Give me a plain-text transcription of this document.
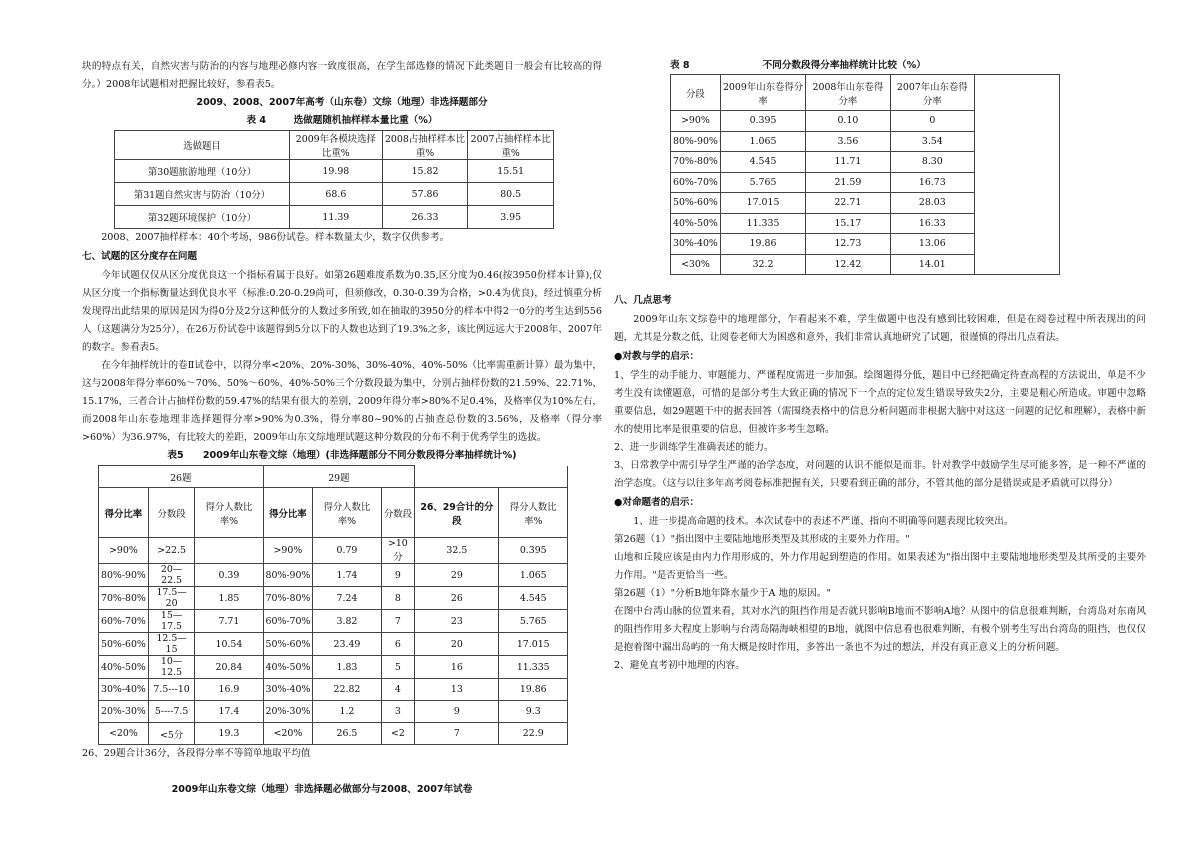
块的特点有关，自然灾害与防治的内容与地理必修内容一致度很高，在学生部选修的情况下此类题目一般会有比较高的得分。）2008年试题相对把握比较好，参看表5。

2009、2008、2007年高考（山东卷）文综（地理）非选择题部分
表 4	选做题随机抽样样本量比重（%）
选做题目	2009年各模块选择比重%	2008占抽样样本比重%	2007占抽样样本比重%
第30题旅游地理（10分）	19.98	15.82	15.51
第31题自然灾害与防治（10分）	68.6	57.86	80.5
第32题环境保护（10分）	11.39	26.33	3.95

2008、2007抽样样本：40个考场，986份试卷。样本数量太少，数字仅供参考。

七、试题的区分度存在问题

今年试题仅仅从区分度优良这一个指标看属于良好。如第26题难度系数为0.35,区分度为0.46(按3950份样本计算),仅从区分度一个指标衡量达到优良水平（标准:0.20-0.29尚可，但须修改，0.30-0.39为合格，>0.4为优良)，经过慎重分析发现得出此结果的原因是因为得0分及2分这种低分的人数过多所致,如在抽取的3950分的样本中得2一0分的考生达到556人（这题满分为25分），在26万份试卷中该题得到5分以下的人数也达到了19.3%之多，该比例远远大于2008年、2007年的数字。参看表5。

在今年抽样统计的卷Ⅱ试卷中，以得分率<20%、20%-30%、30%-40%、40%-50%（比率需重新计算）最为集中，这与2008年得分率60%～70%、50%～60%、40%-50%三个分数段最为集中，分别占抽样份数的21.59%、22.71%、15.17%，三者合计占抽样份数的59.47%的结果有很大的差别，2009年得分率>80%不足0.4%，及格率仅为10%左右，而2008年山东卷地理非选择题得分率>90%为0.3%，得分率80~90%的占抽查总份数的3.56%，及格率（得分率>60%）为36.97%，有比较大的差距，2009年山东文综地理试题这种分数段的分布不利于优秀学生的选拔。

表5　　2009年山东卷文综（地理）(非选择题部分不同分数段得分率抽样统计%)
26题			29题				
得分比率	分数段	得分人数比率%	得分比率	得分人数比率%	分数段	26、29合计的分段	得分人数比率%
>90%	>22.5		>90%	0.79	>10分	32.5	0.395
80%-90%	20—22.5	0.39	80%-90%	1.74	9	29	1.065
70%-80%	17.5—20	1.85	70%-80%	7.24	8	26	4.545
60%-70%	15—17.5	7.71	60%-70%	3.82	7	23	5.765
50%-60%	12.5—15	10.54	50%-60%	23.49	6	20	17.015
40%-50%	10—12.5	20.84	40%-50%	1.83	5	16	11.335
30%-40%	7.5---10	16.9	30%-40%	22.82	4	13	19.86
20%-30%	5----7.5	17.4	20%-30%	1.2	3	9	9.3
<20%	<5分	19.3	<20%	26.5	<2	7	22.9

26、29题合计36分，各段得分率不等简单地取平均值

2009年山东卷文综（地理）非选择题必做部分与2008、2007年试卷
表 8	不同分数段得分率抽样统计比较（%）
分段	2009年山东卷得分率	2008年山东卷得分率	2007年山东卷得分率	
>90%	0.395	0.10	0	
80%-90%	1.065	3.56	3.54	
70%-80%	4.545	11.71	8.30	
60%-70%	5.765	21.59	16.73	
50%-60%	17.015	22.71	28.03	
40%-50%	11.335	15.17	16.33	
30%-40%	19.86	12.73	13.06	
<30%	32.2	12.42	14.01	
八、几点思考

2009年山东文综卷中的地理部分，乍看起来不难，学生做题中也没有感到比较困难，但是在阅卷过程中所表现出的问题，尤其是分数之低，让阅卷老师大为困惑和意外，我们非常认真地研究了试题，很谨慎的得出几点看法。

●对教与学的启示：

1、学生的动手能力、审题能力、严谨程度需进一步加强。绘图题得分低，题目中已经把确定待查高程的方法说出，单是不少考生没有读懂题意，可惜的是部分考生大致正确的情况下一个点的定位发生错误导致失2分，主要是粗心所造成。审题中忽略重要信息，如29题题干中的据表回答（需围绕表格中的信息分析问题而非根据大脑中对这这一问题的记忆和理解），表格中新水的使用比率是很重要的信息，但被许多考生忽略。

2、进一步训练学生准确表述的能力。

3、日常教学中需引导学生严谨的治学态度，对问题的认识不能似是而非。针对教学中鼓励学生尽可能多答，是一种不严谨的治学态度。（这与以往多年高考阅卷标准把握有关，只要看到正确的部分，不管其他的部分是错误或是矛盾就可以得分）

●对命题者的启示：

1、进一步提高命题的技术。本次试卷中的表述不严谨、指向不明确等问题表现比较突出。

第26题（1）"指出图中主要陆地地形类型及其形成的主要外力作用。"

山地和丘陵应该是由内力作用形成的，外力作用起到塑造的作用。如果表述为"指出图中主要陆地地形类型及其所受的主要外力作用。"是否更恰当一些。

第26题（1）"分析B地年降水量少于A 地的原因。"

在图中台湾山脉的位置来看，其对水汽的阻挡作用是否就只影响B地而不影响A地？从图中的信息很难判断，台湾岛对东南风的阻挡作用多大程度上影响与台湾岛隔海峡相望的B地，就图中信息看也很难判断，有极个别考生写出台湾岛的阻挡，也仅仅是抱着图中漏出岛屿的一角大概是按时作用，多答出一条也不为过的想法，并没有真正意义上的分析问题。

2、避免直考初中地理的内容。
